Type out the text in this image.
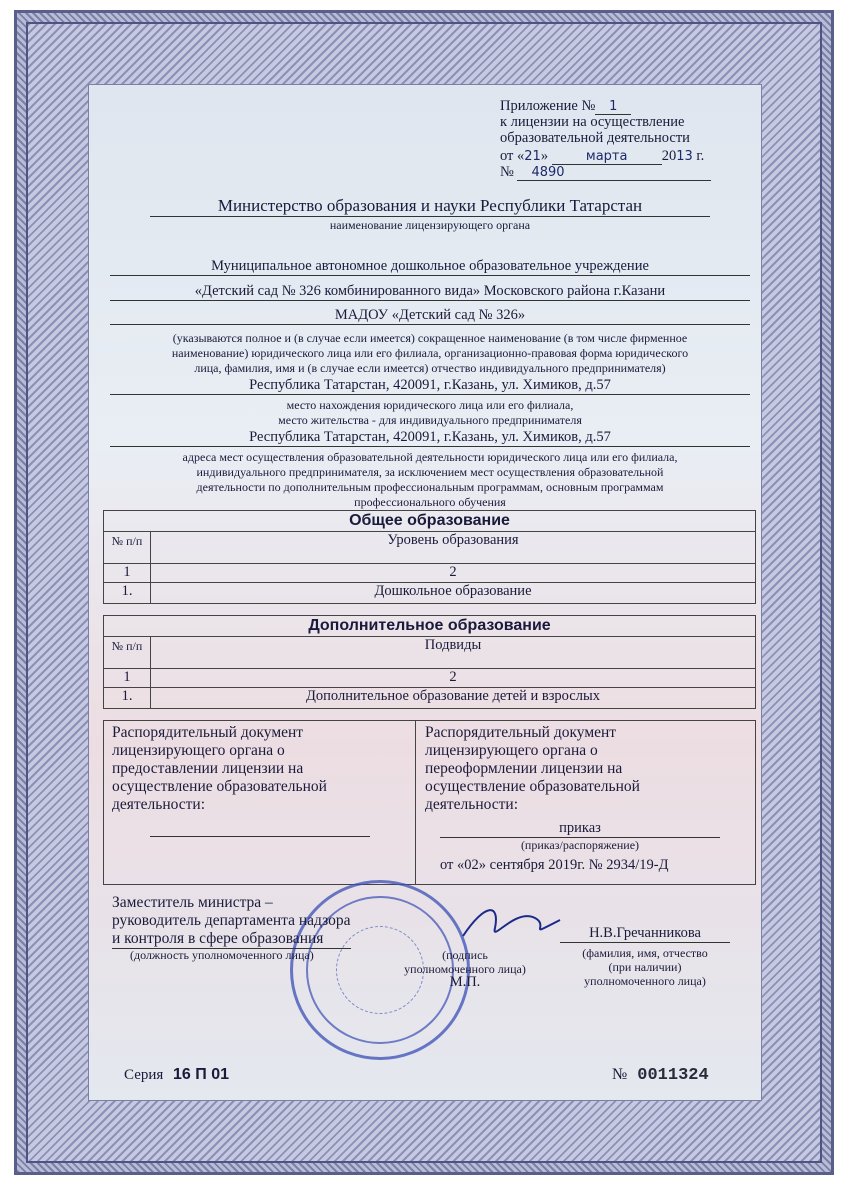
Приложение № 1
к лицензии на осуществление
образовательной деятельности
от «21»	марта 2013 г.
№ 4890
Министерство образования и науки Республики Татарстан
наименование лицензирующего органа
Муниципальное автономное дошкольное образовательное учреждение
«Детский сад № 326 комбинированного вида» Московского района г.Казани
МАДОУ «Детский сад № 326»
(указываются полное и (в случае если имеется) сокращенное наименование (в том числе фирменное
наименование) юридического лица или его филиала, организационно-правовая форма юридического
лица, фамилия, имя и (в случае если имеется) отчество индивидуального предпринимателя)
Республика Татарстан, 420091, г.Казань, ул. Химиков, д.57
место нахождения юридического лица или его филиала,
место жительства - для индивидуального предпринимателя
Республика Татарстан, 420091, г.Казань, ул. Химиков, д.57
адреса мест осуществления образовательной деятельности юридического лица или его филиала,
индивидуального предпринимателя, за исключением мест осуществления образовательной
деятельности по дополнительным профессиональным программам, основным программам
профессионального обучения
Общее образование
№ п/п	Уровень образования
1	2
1.	Дошкольное образование
Дополнительное образование
№ п/п	Подвиды
1	2
1.	Дополнительное образование детей и взрослых
Распорядительный документ
лицензирующего органа о
предоставлении лицензии на
осуществление образовательной
деятельности:
Распорядительный документ
лицензирующего органа о
переоформлении лицензии на
осуществление образовательной
деятельности:
приказ
(приказ/распоряжение)
от «02» сентября 2019г. № 2934/19-Д
Заместитель министра –
руководитель департамента надзора
и контроля в сфере образования
(должность уполномоченного лица)	(подпись
уполномоченного лица)
М.П.
Н.В.Гречанникова
(фамилия, имя, отчество
(при наличии)
уполномоченного лица)
Серия 16 П 01	№ 0011324
